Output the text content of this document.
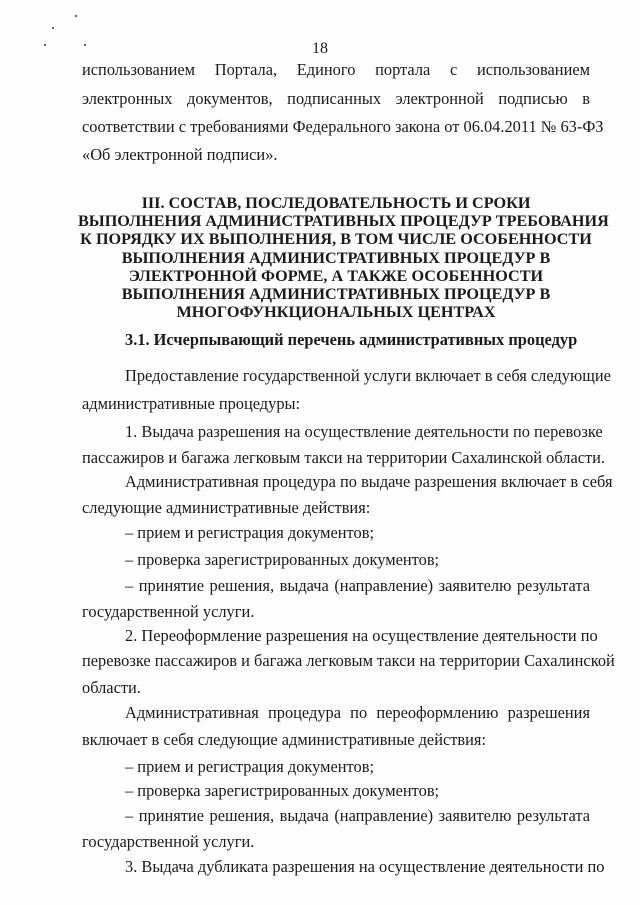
18
использованием Портала, Единого портала с использованием
электронных документов, подписанных электронной подписью в
соответствии с требованиями Федерального закона от 06.04.2011 № 63-ФЗ
«Об электронной подписи».
III. СОСТАВ, ПОСЛЕДОВАТЕЛЬНОСТЬ И СРОКИ
ВЫПОЛНЕНИЯ АДМИНИСТРАТИВНЫХ ПРОЦЕДУР ТРЕБОВАНИЯ
К ПОРЯДКУ ИХ ВЫПОЛНЕНИЯ, В ТОМ ЧИСЛЕ ОСОБЕННОСТИ
ВЫПОЛНЕНИЯ АДМИНИСТРАТИВНЫХ ПРОЦЕДУР В
ЭЛЕКТРОННОЙ ФОРМЕ, А ТАКЖЕ ОСОБЕННОСТИ
ВЫПОЛНЕНИЯ АДМИНИСТРАТИВНЫХ ПРОЦЕДУР В
МНОГОФУНКЦИОНАЛЬНЫХ ЦЕНТРАХ
3.1. Исчерпывающий перечень административных процедур
Предоставление государственной услуги включает в себя следующие
административные процедуры:
1. Выдача разрешения на осуществление деятельности по перевозке
пассажиров и багажа легковым такси на территории Сахалинской области.
Административная процедура по выдаче разрешения включает в себя
следующие административные действия:
– прием и регистрация документов;
– проверка зарегистрированных документов;
– принятие решения, выдача (направление) заявителю результата
государственной услуги.
2. Переоформление разрешения на осуществление деятельности по
перевозке пассажиров и багажа легковым такси на территории Сахалинской
области.
Административная процедура по переоформлению разрешения
включает в себя следующие административные действия:
– прием и регистрация документов;
– проверка зарегистрированных документов;
– принятие решения, выдача (направление) заявителю результата
государственной услуги.
3. Выдача дубликата разрешения на осуществление деятельности по
